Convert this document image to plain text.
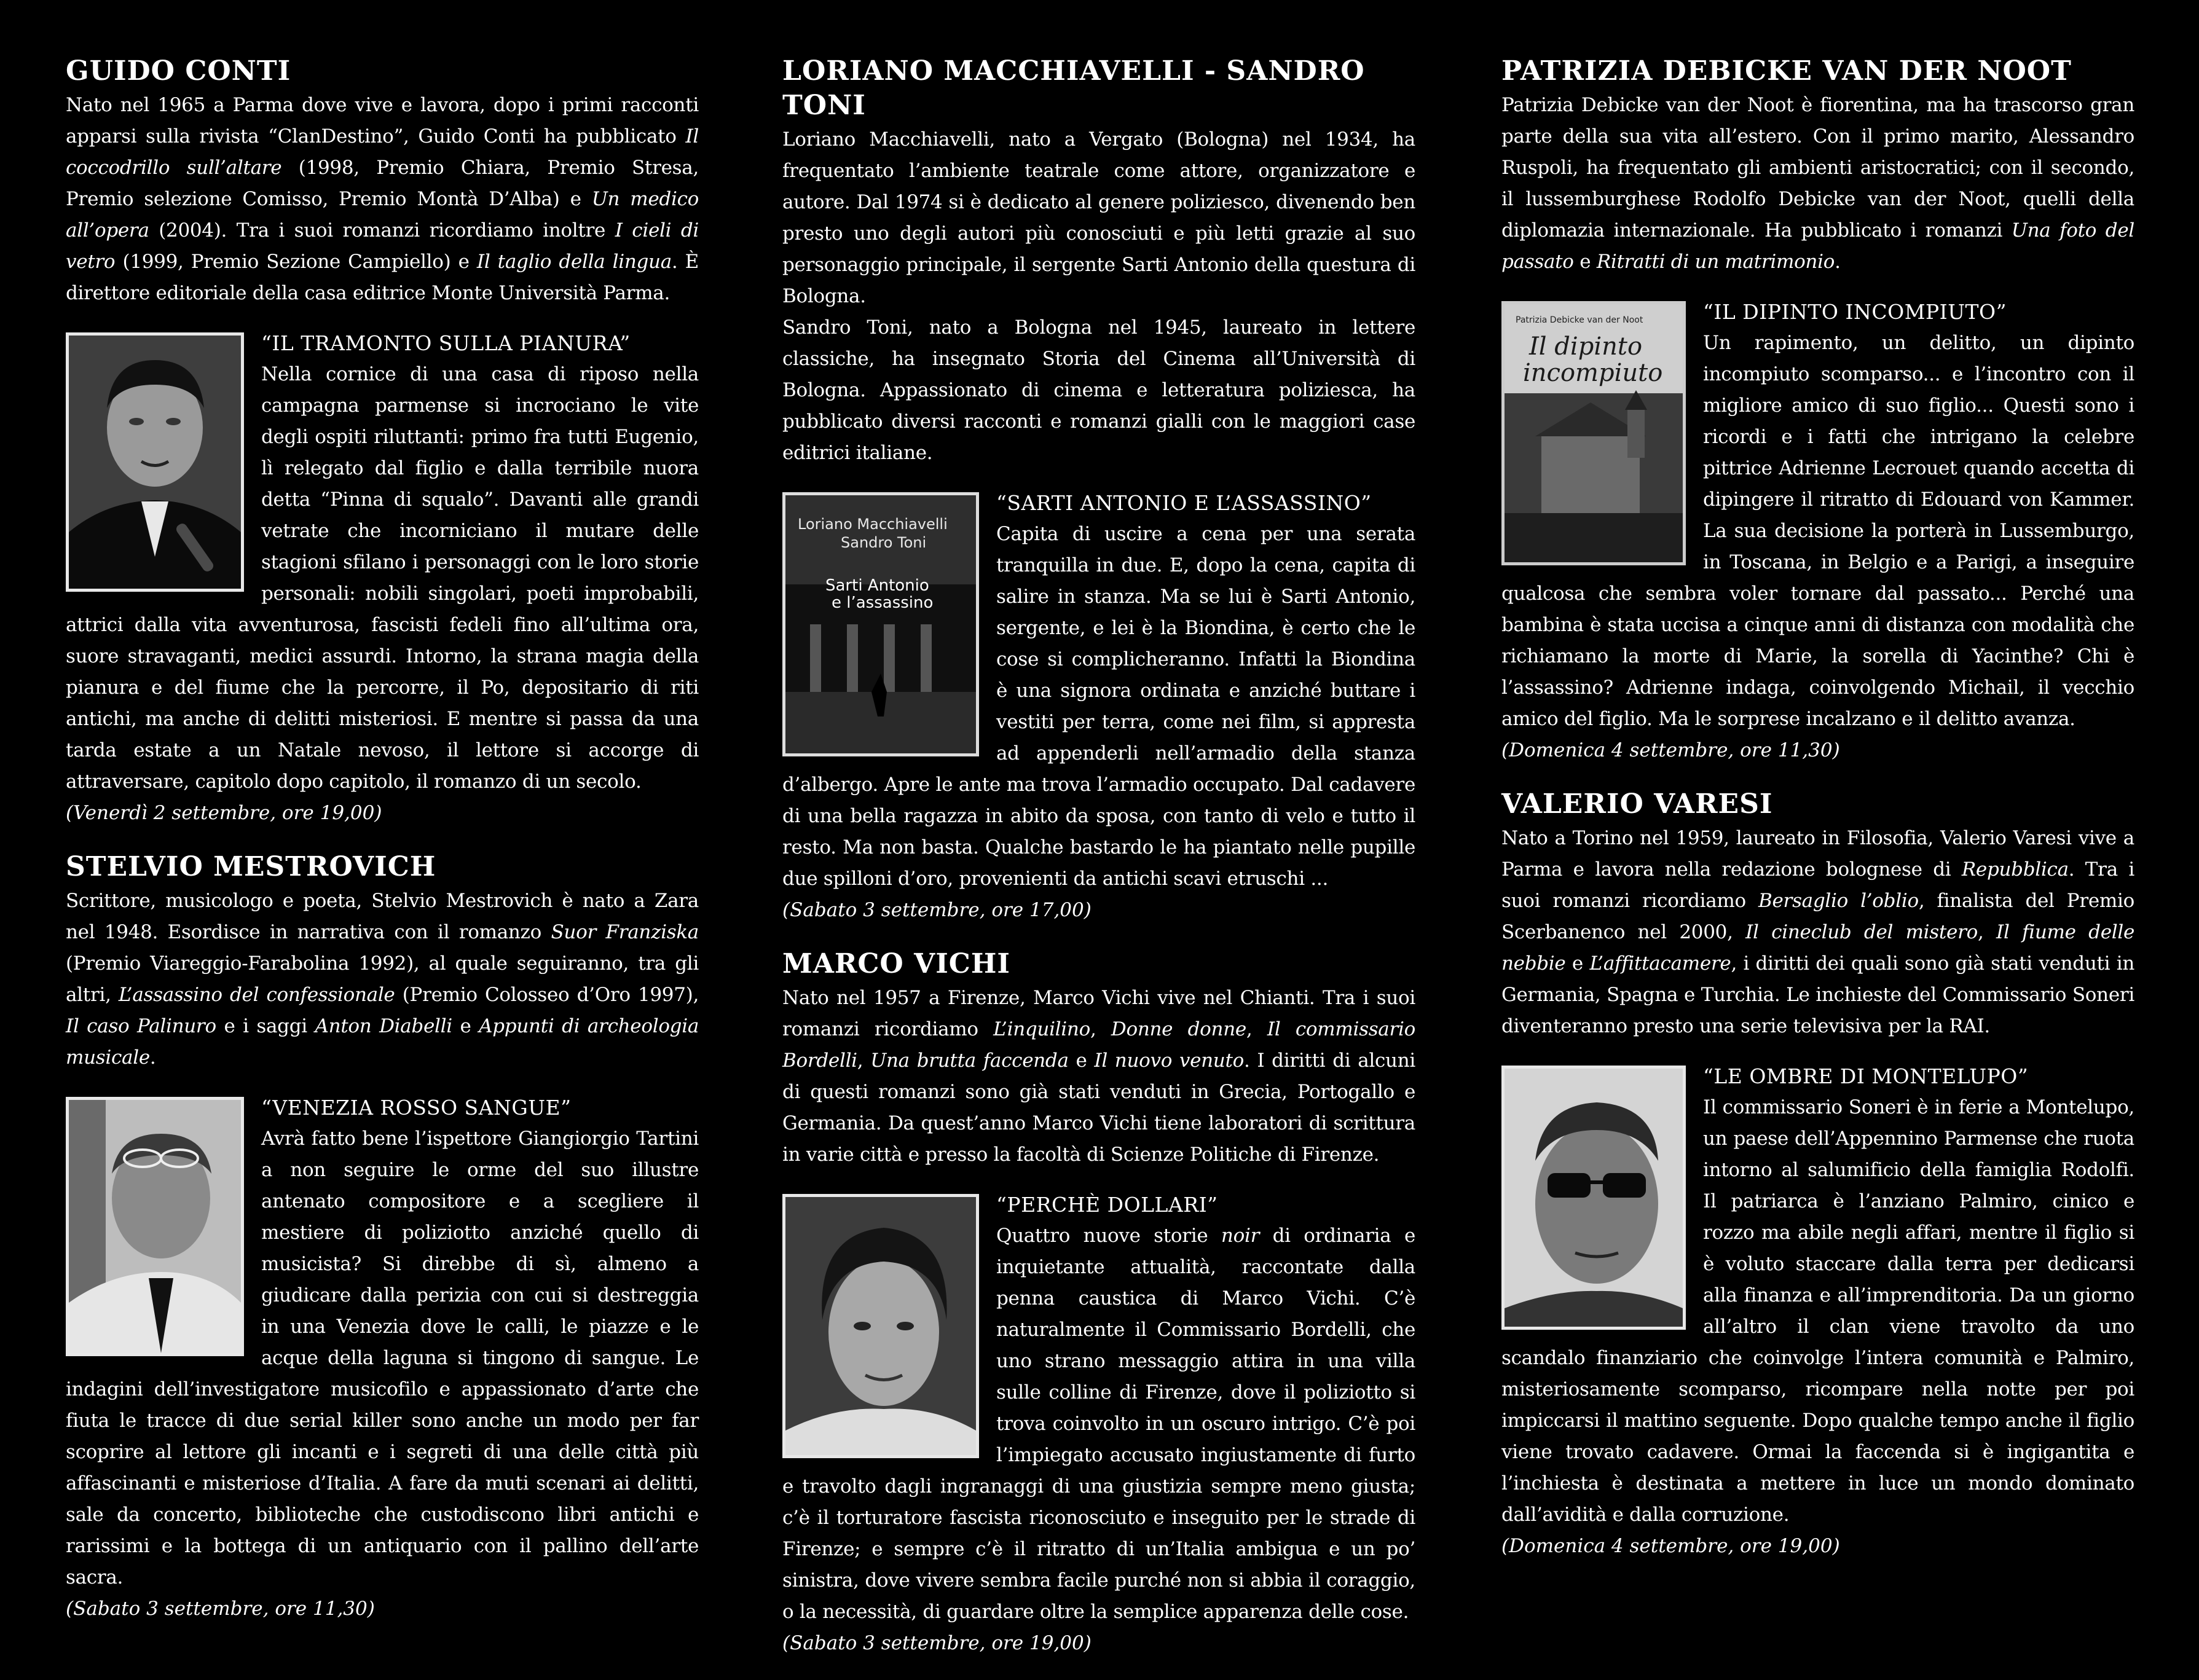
GUIDO CONTI

Nato nel 1965 a Parma dove vive e lavora, dopo i primi racconti apparsi sulla rivista “ClanDestino”, Guido Conti ha pubblicato Il coccodrillo sull’altare (1998, Premio Chiara, Premio Stresa, Premio selezione Comisso, Premio Montà D’Alba) e Un medico all’opera (2004). Tra i suoi romanzi ricordiamo inoltre I cieli di vetro (1999, Premio Sezione Campiello) e Il taglio della lingua. È direttore editoriale della casa editrice Monte Università Parma.

“IL TRAMONTO SULLA PIANURA”

Nella cornice di una casa di riposo nella campagna parmense si incrociano le vite degli ospiti riluttanti: primo fra tutti Eugenio, lì relegato dal figlio e dalla terribile nuora detta “Pinna di squalo”. Davanti alle grandi vetrate che incorniciano il mutare delle stagioni sfilano i personaggi con le loro storie personali: nobili singolari, poeti improbabili, attrici dalla vita avventurosa, fascisti fedeli fino all’ultima ora, suore stravaganti, medici assurdi. Intorno, la strana magia della pianura e del fiume che la percorre, il Po, depositario di riti antichi, ma anche di delitti misteriosi. E mentre si passa da una tarda estate a un Natale nevoso, il lettore si accorge di attraversare, capitolo dopo capitolo, il romanzo di un secolo.

(Venerdì 2 settembre, ore 19,00)

STELVIO MESTROVICH

Scrittore, musicologo e poeta, Stelvio Mestrovich è nato a Zara nel 1948. Esordisce in narrativa con il romanzo Suor Franziska (Premio Viareggio-Farabolina 1992), al quale seguiranno, tra gli altri, L’assassino del confessionale (Premio Colosseo d’Oro 1997), Il caso Palinuro e i saggi Anton Diabelli e Appunti di archeologia musicale.

“VENEZIA ROSSO SANGUE”

Avrà fatto bene l’ispettore Giangiorgio Tartini a non seguire le orme del suo illustre antenato compositore e a scegliere il mestiere di poliziotto anziché quello di musicista? Si direbbe di sì, almeno a giudicare dalla perizia con cui si destreggia in una Venezia dove le calli, le piazze e le acque della laguna si tingono di sangue. Le indagini dell’investigatore musicofilo e appassionato d’arte che fiuta le tracce di due serial killer sono anche un modo per far scoprire al lettore gli incanti e i segreti di una delle città più affascinanti e misteriose d’Italia. A fare da muti scenari ai delitti, sale da concerto, biblioteche che custodiscono libri antichi e rarissimi e la bottega di un antiquario con il pallino dell’arte sacra.

(Sabato 3 settembre, ore 11,30)

LORIANO MACCHIAVELLI - SANDRO TONI

Loriano Macchiavelli, nato a Vergato (Bologna) nel 1934, ha frequentato l’ambiente teatrale come attore, organizzatore e autore. Dal 1974 si è dedicato al genere poliziesco, divenendo ben presto uno degli autori più conosciuti e più letti grazie al suo personaggio principale, il sergente Sarti Antonio della questura di Bologna.

Sandro Toni, nato a Bologna nel 1945, laureato in lettere classiche, ha insegnato Storia del Cinema all’Università di Bologna. Appassionato di cinema e letteratura poliziesca, ha pubblicato diversi racconti e romanzi gialli con le maggiori case editrici italiane.

Loriano Macchiavelli
Sandro Toni
Sarti Antonio
e l’assassino

“SARTI ANTONIO E L’ASSASSINO”

Capita di uscire a cena per una serata tranquilla in due. E, dopo la cena, capita di salire in stanza. Ma se lui è Sarti Antonio, sergente, e lei è la Biondina, è certo che le cose si complicheranno. Infatti la Biondina è una signora ordinata e anziché buttare i vestiti per terra, come nei film, si appresta ad appenderli nell’armadio della stanza d’albergo. Apre le ante ma trova l’armadio occupato. Dal cadavere di una bella ragazza in abito da sposa, con tanto di velo e tutto il resto. Ma non basta. Qualche bastardo le ha piantato nelle pupille due spilloni d’oro, provenienti da antichi scavi etruschi ...

(Sabato 3 settembre, ore 17,00)

MARCO VICHI

Nato nel 1957 a Firenze, Marco Vichi vive nel Chianti. Tra i suoi romanzi ricordiamo L’inquilino, Donne donne, Il commissario Bordelli, Una brutta faccenda e Il nuovo venuto. I diritti di alcuni di questi romanzi sono già stati venduti in Grecia, Portogallo e Germania. Da quest’anno Marco Vichi tiene laboratori di scrittura in varie città e presso la facoltà di Scienze Politiche di Firenze.

“PERCHÈ DOLLARI”

Quattro nuove storie noir di ordinaria e inquietante attualità, raccontate dalla penna caustica di Marco Vichi. C’è naturalmente il Commissario Bordelli, che uno strano messaggio attira in una villa sulle colline di Firenze, dove il poliziotto si trova coinvolto in un oscuro intrigo. C’è poi l’impiegato accusato ingiustamente di furto e travolto dagli ingranaggi di una giustizia sempre meno giusta; c’è il torturatore fascista riconosciuto e inseguito per le strade di Firenze; e sempre c’è il ritratto di un’Italia ambigua e un po’ sinistra, dove vivere sembra facile purché non si abbia il coraggio, o la necessità, di guardare oltre la semplice apparenza delle cose.

(Sabato 3 settembre, ore 19,00)

PATRIZIA DEBICKE VAN DER NOOT

Patrizia Debicke van der Noot è fiorentina, ma ha trascorso gran parte della sua vita all’estero. Con il primo marito, Alessandro Ruspoli, ha frequentato gli ambienti aristocratici; con il secondo, il lussemburghese Rodolfo Debicke van der Noot, quelli della diplomazia internazionale. Ha pubblicato i romanzi Una foto del passato e Ritratti di un matrimonio.

Patrizia Debicke van der Noot
Il dipinto
incompiuto

“IL DIPINTO INCOMPIUTO”

Un rapimento, un delitto, un dipinto incompiuto scomparso... e l’incontro con il migliore amico di suo figlio... Questi sono i ricordi e i fatti che intrigano la celebre pittrice Adrienne Lecrouet quando accetta di dipingere il ritratto di Edouard von Kammer. La sua decisione la porterà in Lussemburgo, in Toscana, in Belgio e a Parigi, a inseguire qualcosa che sembra voler tornare dal passato... Perché una bambina è stata uccisa a cinque anni di distanza con modalità che richiamano la morte di Marie, la sorella di Yacinthe? Chi è l’assassino? Adrienne indaga, coinvolgendo Michail, il vecchio amico del figlio. Ma le sorprese incalzano e il delitto avanza.

(Domenica 4 settembre, ore 11,30)

VALERIO VARESI

Nato a Torino nel 1959, laureato in Filosofia, Valerio Varesi vive a Parma e lavora nella redazione bolognese di Repubblica. Tra i suoi romanzi ricordiamo Bersaglio l’oblio, finalista del Premio Scerbanenco nel 2000, Il cineclub del mistero, Il fiume delle nebbie e L’affittacamere, i diritti dei quali sono già stati venduti in Germania, Spagna e Turchia. Le inchieste del Commissario Soneri diventeranno presto una serie televisiva per la RAI.

“LE OMBRE DI MONTELUPO”

Il commissario Soneri è in ferie a Montelupo, un paese dell’Appennino Parmense che ruota intorno al salumificio della famiglia Rodolfi. Il patriarca è l’anziano Palmiro, cinico e rozzo ma abile negli affari, mentre il figlio si è voluto staccare dalla terra per dedicarsi alla finanza e all’imprenditoria. Da un giorno all’altro il clan viene travolto da uno scandalo finanziario che coinvolge l’intera comunità e Palmiro, misteriosamente scomparso, ricompare nella notte per poi impiccarsi il mattino seguente. Dopo qualche tempo anche il figlio viene trovato cadavere. Ormai la faccenda si è ingigantita e l’inchiesta è destinata a mettere in luce un mondo dominato dall’avidità e dalla corruzione.

(Domenica 4 settembre, ore 19,00)
